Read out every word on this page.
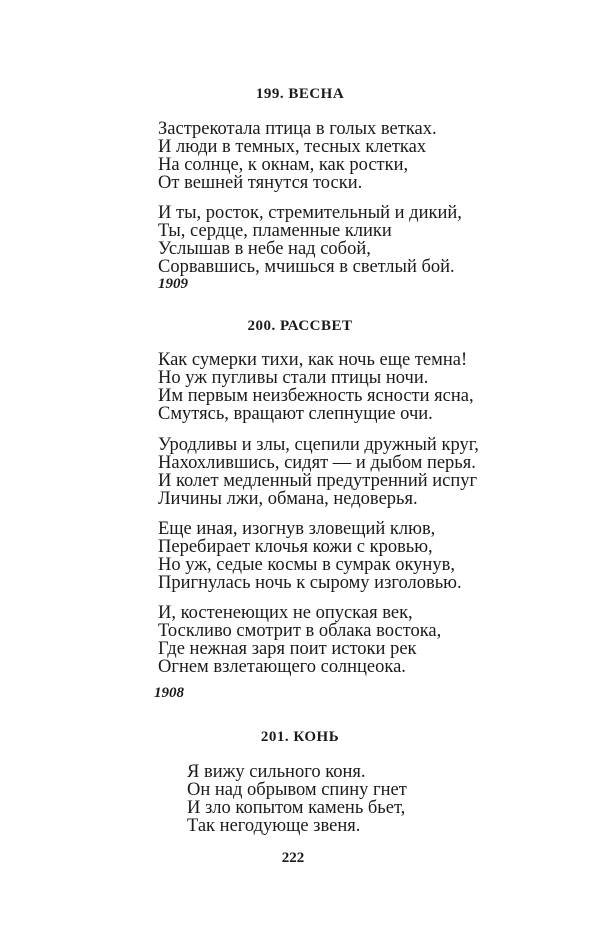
199. ВЕСНА
Застрекотала птица в голых ветках.
И люди в темных, тесных клетках
На солнце, к окнам, как ростки,
От вешней тянутся тоски.
И ты, росток, стремительный и дикий,
Ты, сердце, пламенные клики
Услышав в небе над собой,
Сорвавшись, мчишься в светлый бой.
1909
200. РАССВЕТ
Как сумерки тихи, как ночь еще темна!
Но уж пугливы стали птицы ночи.
Им первым неизбежность ясности ясна,
Смутясь, вращают слепнущие очи.
Уродливы и злы, сцепили дружный круг,
Нахохлившись, сидят — и дыбом перья.
И колет медленный предутренний испуг
Личины лжи, обмана, недоверья.
Еще иная, изогнув зловещий клюв,
Перебирает клочья кожи с кровью,
Но уж, седые космы в сумрак окунув,
Пригнулась ночь к сырому изголовью.
И, костенеющих не опуская век,
Тоскливо смотрит в облака востока,
Где нежная заря поит истоки рек
Огнем взлетающего солнцеока.
1908
201. КОНЬ
Я вижу сильного коня.
Он над обрывом спину гнет
И зло копытом камень бьет,
Так негодующе звеня.
222
